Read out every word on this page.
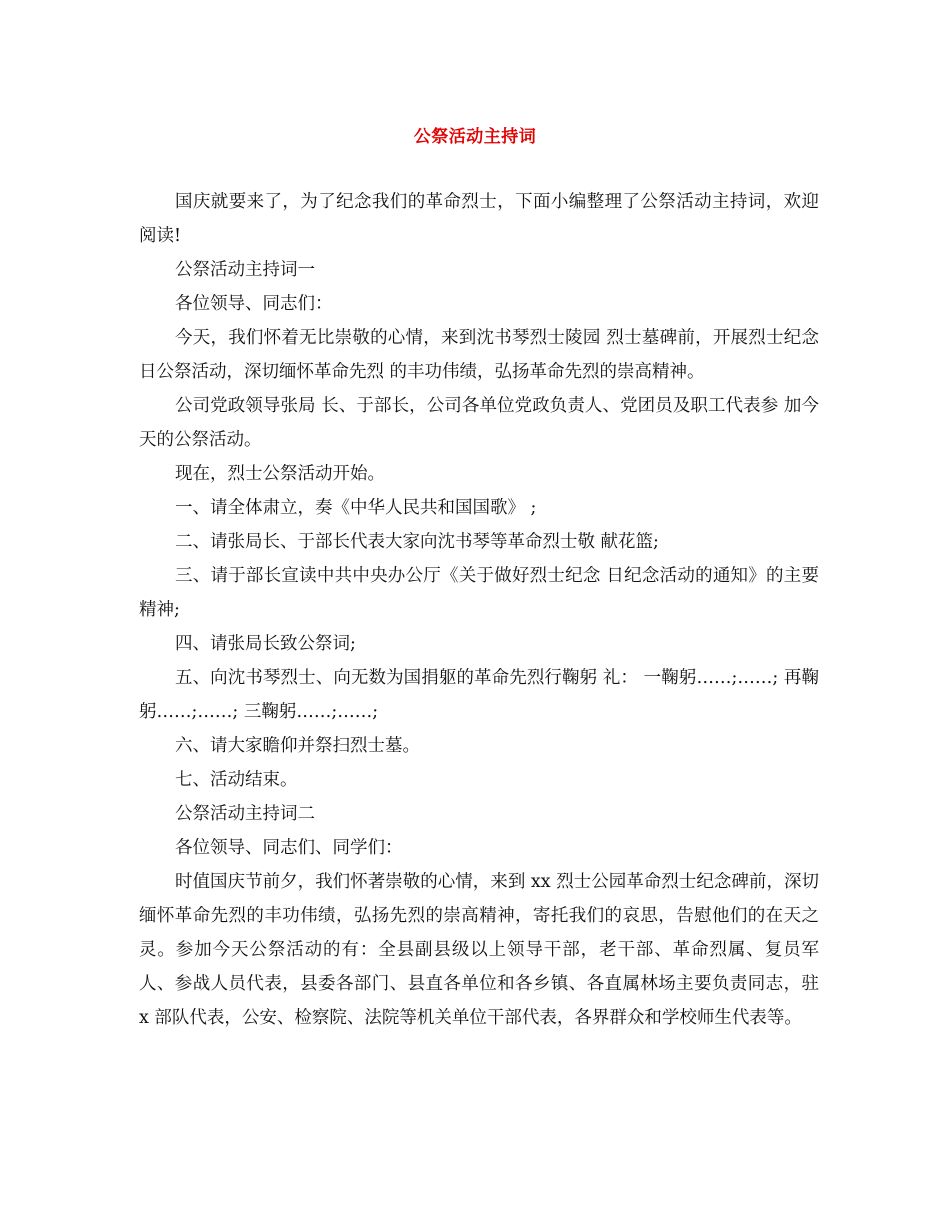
公祭活动主持词

国庆就要来了，为了纪念我们的革命烈士，下面小编整理了公祭活动主持词，欢迎阅读!

公祭活动主持词一

各位领导、同志们：

今天，我们怀着无比崇敬的心情，来到沈书琴烈士陵园 烈士墓碑前，开展烈士纪念日公祭活动，深切缅怀革命先烈 的丰功伟绩，弘扬革命先烈的崇高精神。

公司党政领导张局 长、于部长，公司各单位党政负责人、党团员及职工代表参 加今天的公祭活动。

现在，烈士公祭活动开始。

一、请全体肃立，奏《中华人民共和国国歌》 ;

二、请张局长、于部长代表大家向沈书琴等革命烈士敬 献花篮;

三、请于部长宣读中共中央办公厅《关于做好烈士纪念 日纪念活动的通知》的主要精神;

四、请张局长致公祭词;

五、向沈书琴烈士、向无数为国捐躯的革命先烈行鞠躬 礼： 一鞠躬……;……; 再鞠躬……;……; 三鞠躬……;……;

六、请大家瞻仰并祭扫烈士墓。

七、活动结束。

公祭活动主持词二

各位领导、同志们、同学们：

时值国庆节前夕，我们怀著崇敬的心情，来到 xx 烈士公园革命烈士纪念碑前，深切缅怀革命先烈的丰功伟绩，弘扬先烈的崇高精神，寄托我们的哀思，告慰他们的在天之灵。参加今天公祭活动的有：全县副县级以上领导干部，老干部、革命烈属、复员军人、参战人员代表，县委各部门、县直各单位和各乡镇、各直属林场主要负责同志，驻 x 部队代表，公安、检察院、法院等机关单位干部代表，各界群众和学校师生代表等。
